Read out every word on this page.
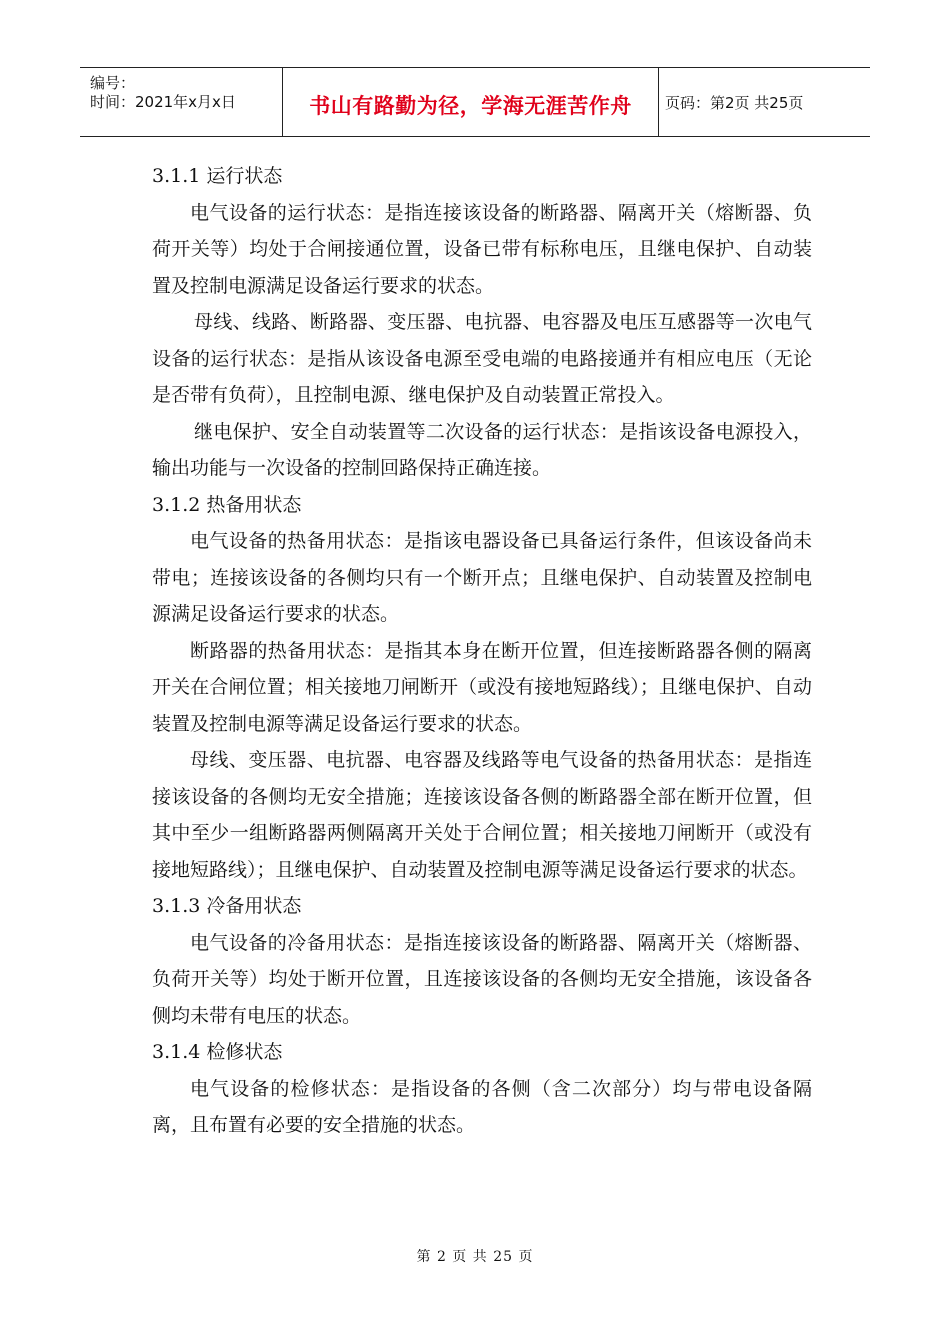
编号：
时间：2021年x月x日	书山有路勤为径，学海无涯苦作舟	页码：第2页 共25页

3.1.1 运行状态

电气设备的运行状态：是指连接该设备的断路器、隔离开关（熔断器、负荷开关等）均处于合闸接通位置，设备已带有标称电压，且继电保护、自动装置及控制电源满足设备运行要求的状态。

母线、线路、断路器、变压器、电抗器、电容器及电压互感器等一次电气设备的运行状态：是指从该设备电源至受电端的电路接通并有相应电压（无论是否带有负荷），且控制电源、继电保护及自动装置正常投入。

继电保护、安全自动装置等二次设备的运行状态：是指该设备电源投入，输出功能与一次设备的控制回路保持正确连接。

3.1.2 热备用状态

电气设备的热备用状态：是指该电器设备已具备运行条件，但该设备尚未带电；连接该设备的各侧均只有一个断开点；且继电保护、自动装置及控制电源满足设备运行要求的状态。

断路器的热备用状态：是指其本身在断开位置，但连接断路器各侧的隔离开关在合闸位置；相关接地刀闸断开（或没有接地短路线）；且继电保护、自动装置及控制电源等满足设备运行要求的状态。

母线、变压器、电抗器、电容器及线路等电气设备的热备用状态：是指连接该设备的各侧均无安全措施；连接该设备各侧的断路器全部在断开位置，但其中至少一组断路器两侧隔离开关处于合闸位置；相关接地刀闸断开（或没有接地短路线）；且继电保护、自动装置及控制电源等满足设备运行要求的状态。

3.1.3 冷备用状态

电气设备的冷备用状态：是指连接该设备的断路器、隔离开关（熔断器、负荷开关等）均处于断开位置，且连接该设备的各侧均无安全措施，该设备各侧均未带有电压的状态。

3.1.4 检修状态

电气设备的检修状态：是指设备的各侧（含二次部分）均与带电设备隔离，且布置有必要的安全措施的状态。

第 2 页 共 25 页
